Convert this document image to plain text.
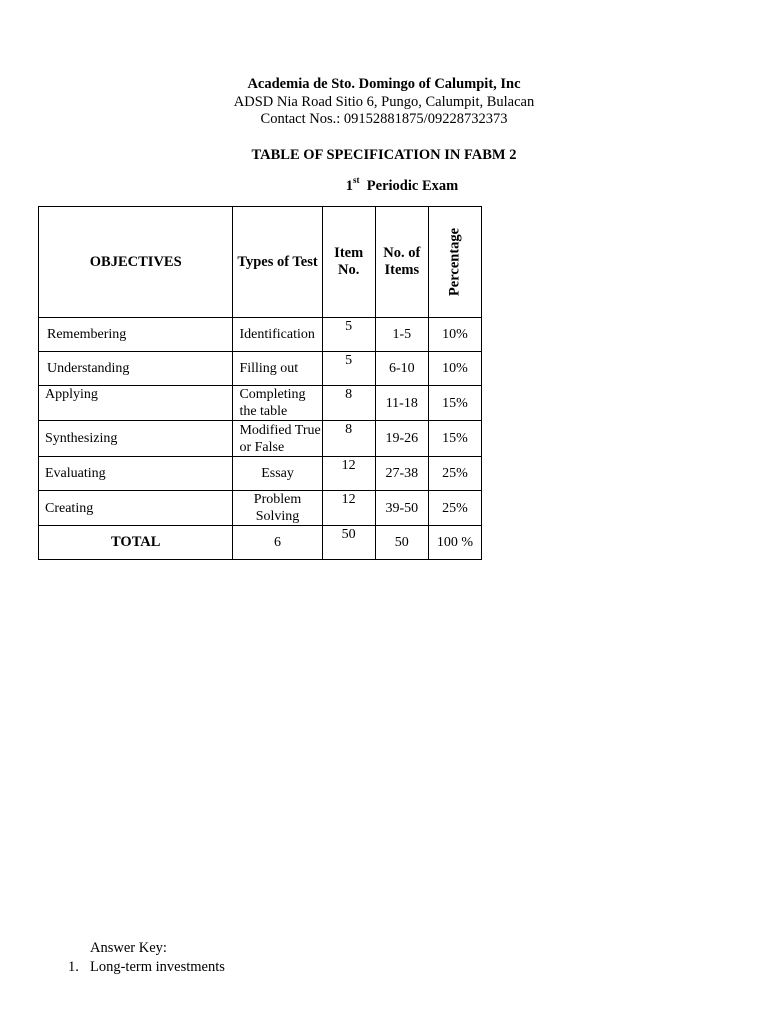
Academia de Sto. Domingo of Calumpit, Inc
ADSD Nia Road Sitio 6, Pungo, Calumpit, Bulacan
Contact Nos.: 09152881875/09228732373
TABLE OF SPECIFICATION IN FABM 2
1st Periodic Exam
OBJECTIVES	Types of Test	Item No.	No. of Items	Percentage

Remembering	Identification	5	1-5	10%
Understanding	Filling out	5	6-10	10%
Applying	Completing the table	8	11-18	15%
Synthesizing	Modified True or False	8	19-26	15%
Evaluating	Essay	12	27-38	25%
Creating	Problem Solving	12	39-50	25%
TOTAL	6	50	50	100 %
Answer Key:
1. Long-term investments
